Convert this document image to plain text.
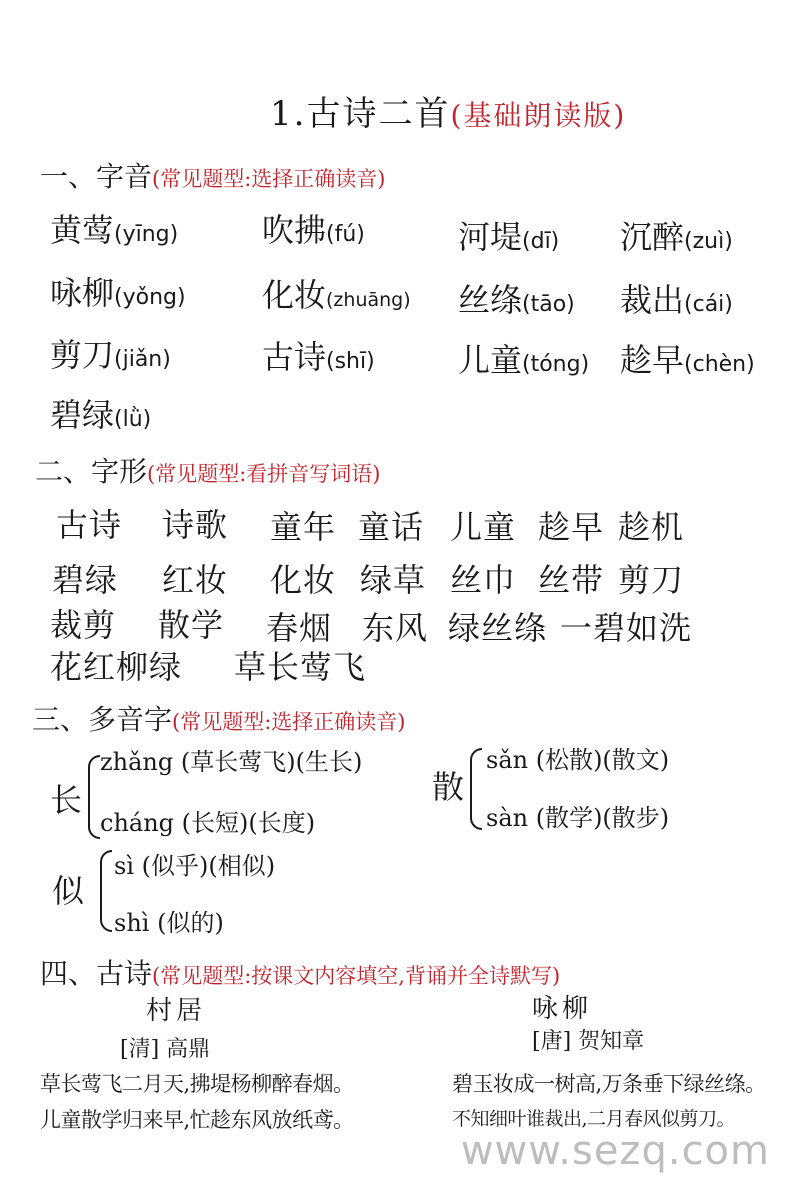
1.古诗二首(基础朗读版)
一、字音(常见题型:选择正确读音)
黄莺(yīng)	吹拂(fú)	河堤(dī) 沉醉(zuì)
咏柳(yǒng) 化妆(zhuāng) 丝绦(tāo) 裁出(cái)
剪刀(jiǎn)	古诗(shī)	儿童(tóng) 趁早(chèn)
碧绿(lǜ)
二、字形(常见题型:看拼音写词语)
古诗 诗歌 童年 童话 儿童 趁早 趁机
碧绿 红妆 化妆 绿草 丝巾 丝带 剪刀
裁剪 散学 春烟 东风 绿丝绦 一碧如洗
花红柳绿 草长莺飞
三、多音字(常见题型:选择正确读音)
长
zhǎng (草长莺飞)(生长)
cháng (长短)(长度)
散
sǎn (松散)(散文)
sàn (散学)(散步)
似
sì (似乎)(相似)
shì (似的)
四、古诗(常见题型:按课文内容填空,背诵并全诗默写)
村居
[清] 高鼎
草长莺飞二月天,拂堤杨柳醉春烟。
儿童散学归来早,忙趁东风放纸鸢。
咏柳
[唐] 贺知章
碧玉妆成一树高,万条垂下绿丝绦。
不知细叶谁裁出,二月春风似剪刀。
www.sezq.com
